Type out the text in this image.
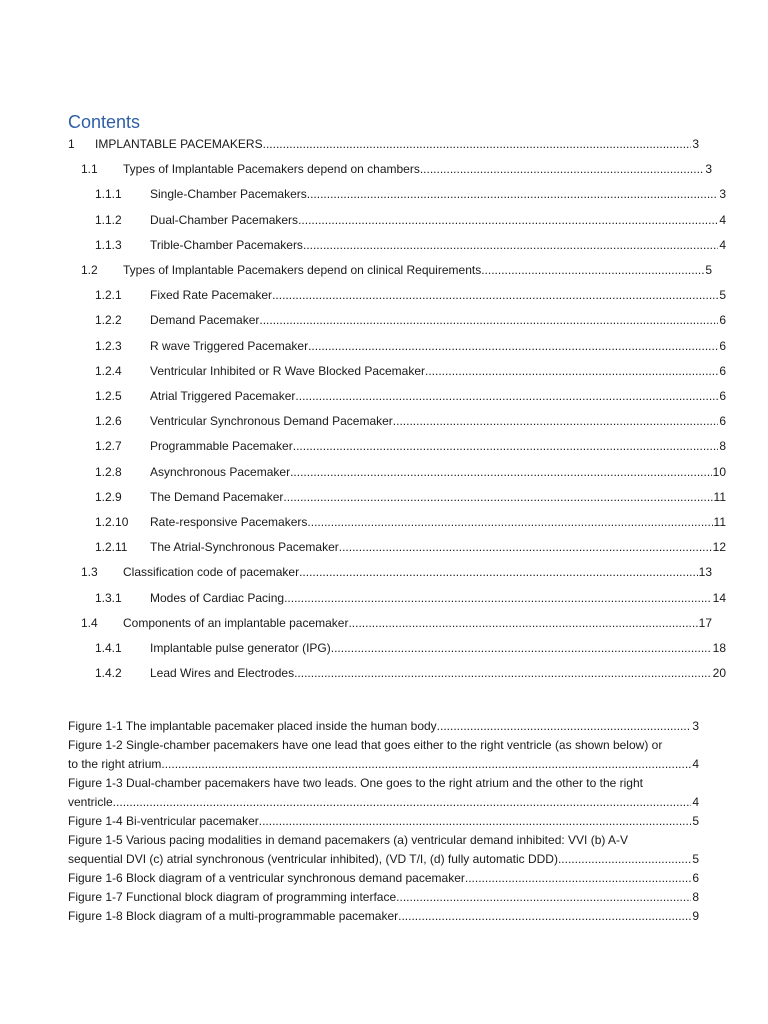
Contents
1	IMPLANTABLE PACEMAKERS .....	3
1.1	Types of Implantable Pacemakers depend on chambers .....	3
1.1.1	Single-Chamber Pacemakers .....	3
1.1.2	Dual-Chamber Pacemakers .....	4
1.1.3	Trible-Chamber Pacemakers .....	4
1.2	Types of Implantable Pacemakers depend on clinical Requirements .....	5
1.2.1	Fixed Rate Pacemaker .....	5
1.2.2	Demand Pacemaker .....	6
1.2.3	R wave Triggered Pacemaker .....	6
1.2.4	Ventricular Inhibited or R Wave Blocked Pacemaker .....	6
1.2.5	Atrial Triggered Pacemaker .....	6
1.2.6	Ventricular Synchronous Demand Pacemaker .....	6
1.2.7	Programmable Pacemaker .....	8
1.2.8	Asynchronous Pacemaker .....	10
1.2.9	The Demand Pacemaker .....	11
1.2.10	Rate-responsive Pacemakers .....	11
1.2.11	The Atrial-Synchronous Pacemaker .....	12
1.3	Classification code of pacemaker .....	13
1.3.1	Modes of Cardiac Pacing .....	14
1.4	Components of an implantable pacemaker .....	17
1.4.1	Implantable pulse generator (IPG) .....	18
1.4.2	Lead Wires and Electrodes .....	20
Figure 1-1 The implantable pacemaker placed inside the human body .....	3
Figure 1-2 Single-chamber pacemakers have one lead that goes either to the right ventricle (as shown below) or
to the right atrium. .....	4
Figure 1-3 Dual-chamber pacemakers have two leads. One goes to the right atrium and the other to the right
ventricle. .....	4
Figure 1-4 Bi-ventricular pacemaker .....	5
Figure 1-5 Various pacing modalities in demand pacemakers (a) ventricular demand inhibited: VVI (b) A-V
sequential DVI (c) atrial synchronous (ventricular inhibited), (VD T/I, (d) fully automatic DDD) .....	5
Figure 1-6 Block diagram of a ventricular synchronous demand pacemaker .....	6
Figure 1-7 Functional block diagram of programming interface .....	8
Figure 1-8 Block diagram of a multi-programmable pacemaker .....	9
